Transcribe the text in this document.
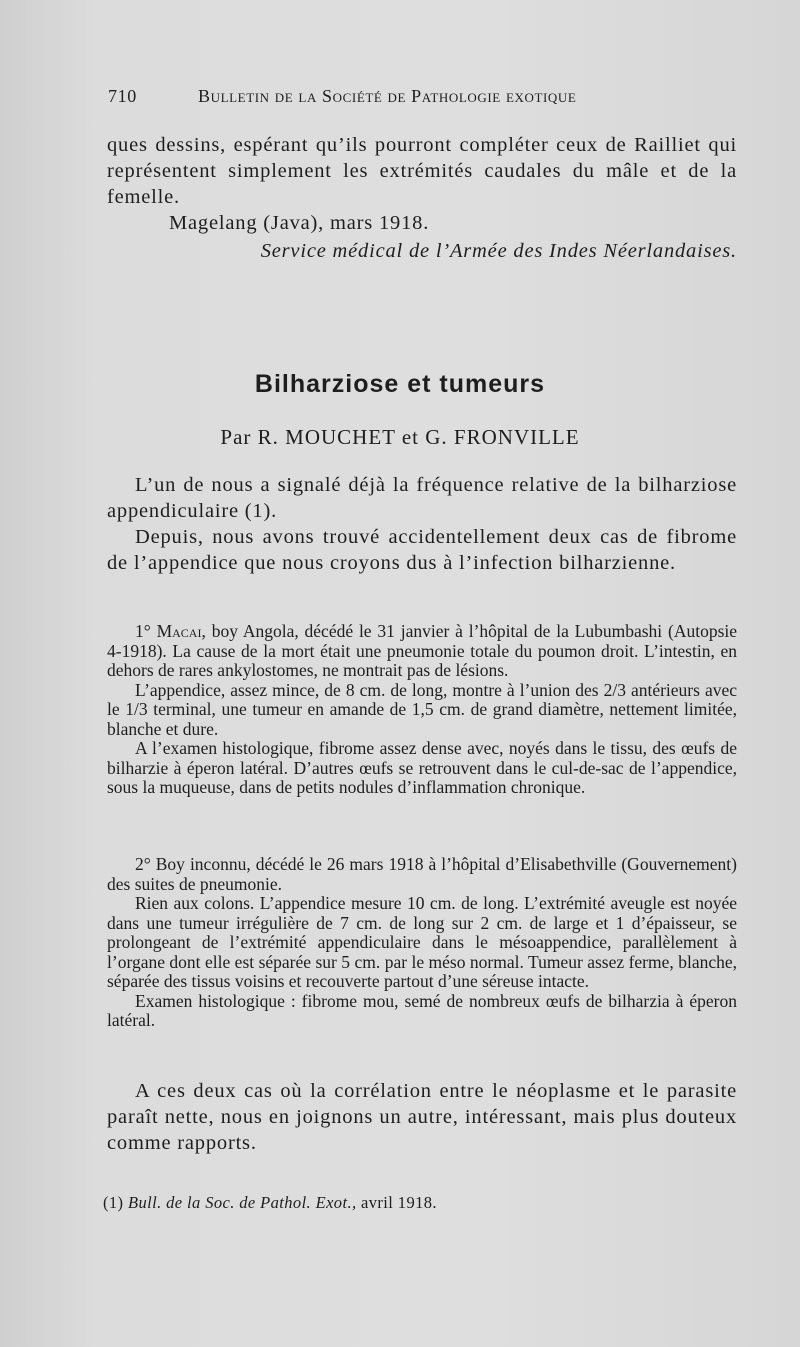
710	Bulletin de la Société de Pathologie exotique

ques dessins, espérant qu’ils pourront compléter ceux de Railliet qui représentent simplement les extrémités caudales du mâle et de la femelle.

Magelang (Java), mars 1918.

Service médical de l’Armée des Indes Néerlandaises.

Bilharziose et tumeurs
Par R. MOUCHET et G. FRONVILLE

L’un de nous a signalé déjà la fréquence relative de la bilharziose appendiculaire (1).

Depuis, nous avons trouvé accidentellement deux cas de fibrome de l’appendice que nous croyons dus à l’infection bilharzienne.

1° Macai, boy Angola, décédé le 31 janvier à l’hôpital de la Lubumbashi (Autopsie 4-1918). La cause de la mort était une pneumonie totale du poumon droit. L’intestin, en dehors de rares ankylostomes, ne montrait pas de lésions.

L’appendice, assez mince, de 8 cm. de long, montre à l’union des 2/3 antérieurs avec le 1/3 terminal, une tumeur en amande de 1,5 cm. de grand diamètre, nettement limitée, blanche et dure.

A l’examen histologique, fibrome assez dense avec, noyés dans le tissu, des œufs de bilharzie à éperon latéral. D’autres œufs se retrouvent dans le cul-de-sac de l’appendice, sous la muqueuse, dans de petits nodules d’inflammation chronique.

2° Boy inconnu, décédé le 26 mars 1918 à l’hôpital d’Elisabethville (Gouvernement) des suites de pneumonie.

Rien aux colons. L’appendice mesure 10 cm. de long. L’extrémité aveugle est noyée dans une tumeur irrégulière de 7 cm. de long sur 2 cm. de large et 1 d’épaisseur, se prolongeant de l’extrémité appendiculaire dans le mésoappendice, parallèlement à l’organe dont elle est séparée sur 5 cm. par le méso normal. Tumeur assez ferme, blanche, séparée des tissus voisins et recouverte partout d’une séreuse intacte.

Examen histologique : fibrome mou, semé de nombreux œufs de bilharzia à éperon latéral.

A ces deux cas où la corrélation entre le néoplasme et le parasite paraît nette, nous en joignons un autre, intéressant, mais plus douteux comme rapports.

(1) Bull. de la Soc. de Pathol. Exot., avril 1918.
